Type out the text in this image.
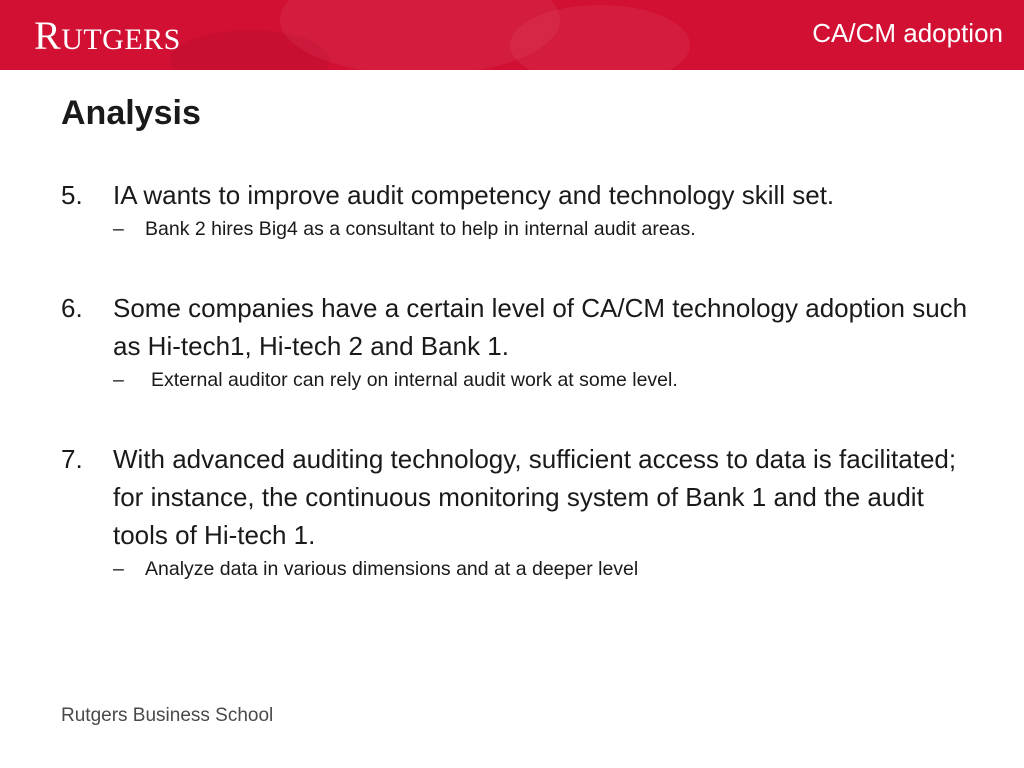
RUTGERS	CA/CM adoption
Analysis
5. IA wants to improve audit competency and technology skill set.
– Bank 2 hires Big4 as a consultant to help in internal audit areas.
6. Some companies have a certain level of CA/CM technology adoption such as Hi-tech1, Hi-tech 2 and Bank 1.
– External auditor can rely on internal audit work at some level.
7. With advanced auditing technology, sufficient access to data is facilitated; for instance, the continuous monitoring system of Bank 1 and the audit tools of Hi-tech 1.
– Analyze data in various dimensions and at a deeper level
Rutgers Business School
